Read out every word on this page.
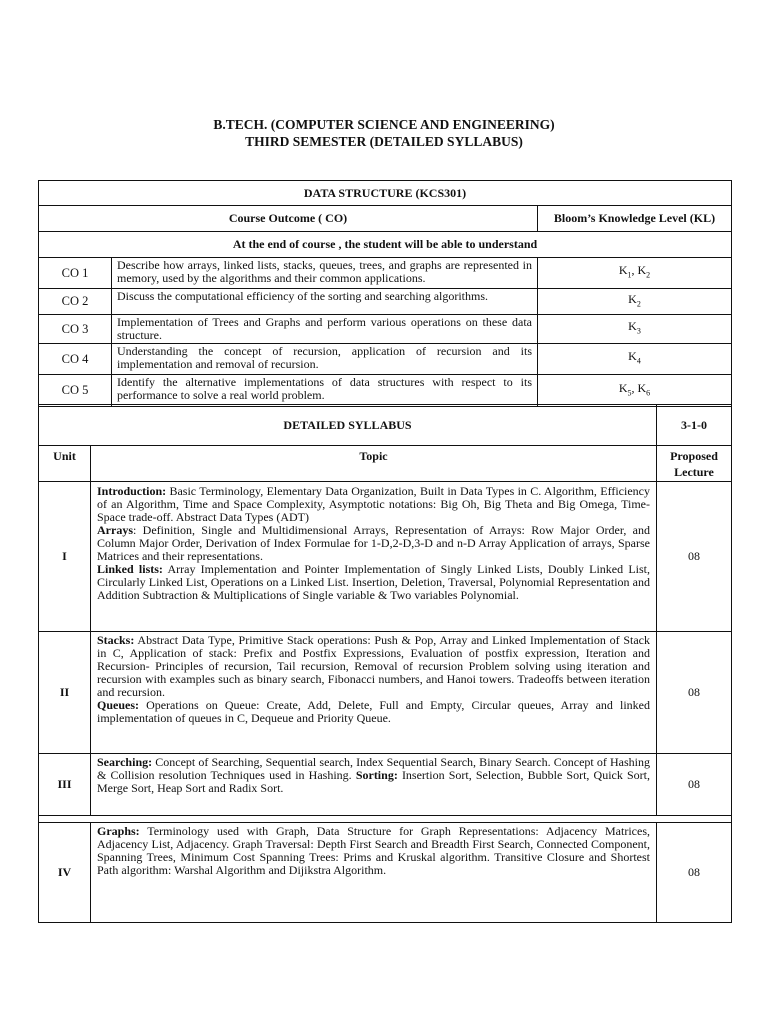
B.TECH. (COMPUTER SCIENCE AND ENGINEERING)
THIRD SEMESTER (DETAILED SYLLABUS)
DATA STRUCTURE (KCS301)		
Course Outcome ( CO)		Bloom’s Knowledge Level (KL)
At the end of course , the student will be able to understand		
CO 1	Describe how arrays, linked lists, stacks, queues, trees, and graphs are represented in memory, used by the algorithms and their common applications.	$K_1$, $K_2$
CO 2	Discuss the computational efficiency of the sorting and searching algorithms.	$K_2$
CO 3	Implementation of Trees and Graphs and perform various operations on these data structure.	$K_3$
CO 4	Understanding the concept of recursion, application of recursion and its implementation and removal of recursion.	$K_4$
CO 5	Identify the alternative implementations of data structures with respect to its performance to solve a real world problem.	$K_5$, $K_6$
DETAILED SYLLABUS		3-1-0
Unit	Topic	Proposed Lecture
I	Introduction: Basic Terminology, Elementary Data Organization, Built in Data Types in C. Algorithm, Efficiency of an Algorithm, Time and Space Complexity, Asymptotic notations: Big Oh, Big Theta and Big Omega, Time-Space trade-off. Abstract Data Types (ADT)

Arrays: Definition, Single and Multidimensional Arrays, Representation of Arrays: Row Major Order, and Column Major Order, Derivation of Index Formulae for 1-D,2-D,3-D and n-D Array Application of arrays, Sparse Matrices and their representations.

Linked lists: Array Implementation and Pointer Implementation of Singly Linked Lists, Doubly Linked List, Circularly Linked List, Operations on a Linked List. Insertion, Deletion, Traversal, Polynomial Representation and Addition Subtraction & Multiplications of Single variable & Two variables Polynomial.	08
II	Stacks: Abstract Data Type, Primitive Stack operations: Push & Pop, Array and Linked Implementation of Stack in C, Application of stack: Prefix and Postfix Expressions, Evaluation of postfix expression, Iteration and Recursion- Principles of recursion, Tail recursion, Removal of recursion Problem solving using iteration and recursion with examples such as binary search, Fibonacci numbers, and Hanoi towers. Tradeoffs between iteration and recursion.

Queues: Operations on Queue: Create, Add, Delete, Full and Empty, Circular queues, Array and linked implementation of queues in C, Dequeue and Priority Queue.	08
III	Searching: Concept of Searching, Sequential search, Index Sequential Search, Binary Search. Concept of Hashing & Collision resolution Techniques used in Hashing. Sorting: Insertion Sort, Selection, Bubble Sort, Quick Sort, Merge Sort, Heap Sort and Radix Sort.	08

IV	Graphs: Terminology used with Graph, Data Structure for Graph Representations: Adjacency Matrices, Adjacency List, Adjacency. Graph Traversal: Depth First Search and Breadth First Search, Connected Component, Spanning Trees, Minimum Cost Spanning Trees: Prims and Kruskal algorithm. Transitive Closure and Shortest Path algorithm: Warshal Algorithm and Dijikstra Algorithm.	08
